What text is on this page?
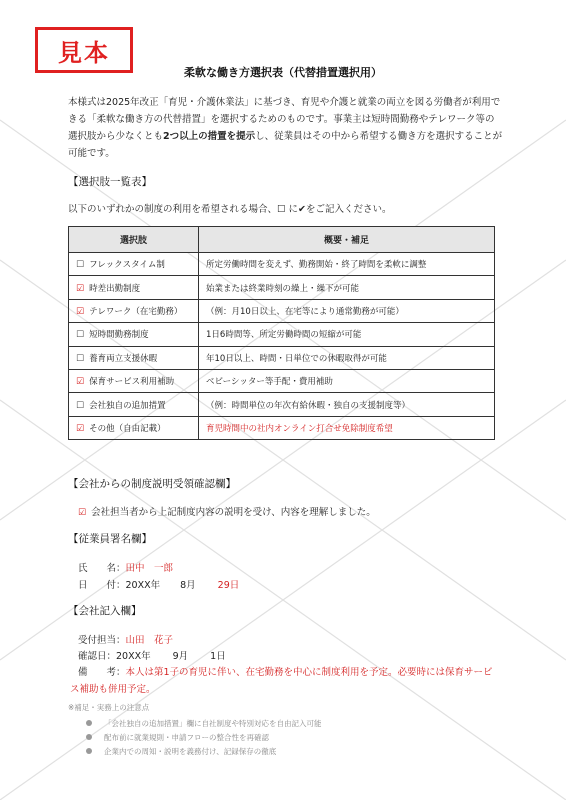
見本
柔軟な働き方選択表（代替措置選択用）
本様式は2025年改正「育児・介護休業法」に基づき、育児や介護と就業の両立を図る労働者が利用できる「柔軟な働き方の代替措置」を選択するためのものです。事業主は短時間勤務やテレワーク等の選択肢から少なくとも2つ以上の措置を提示し、従業員はその中から希望する働き方を選択することが可能です。
【選択肢一覧表】
以下のいずれかの制度の利用を希望される場合、☐ に✔をご記入ください。
選択肢	概要・補足
☐ フレックスタイム制	所定労働時間を変えず、勤務開始・終了時間を柔軟に調整
☑ 時差出勤制度	始業または終業時刻の繰上・繰下が可能
☑ テレワーク（在宅勤務）	（例：月10日以上、在宅等により通常勤務が可能）
☐ 短時間勤務制度	1日6時間等、所定労働時間の短縮が可能
☐ 養育両立支援休暇	年10日以上、時間・日単位での休暇取得が可能
☑ 保育サービス利用補助	ベビーシッター等手配・費用補助
☐ 会社独自の追加措置	（例：時間単位の年次有給休暇・独自の支援制度等）
☑ その他（自由記載）	育児時間中の社内オンライン打合せ免除制度希望
【会社からの制度説明受領確認欄】
☑ 会社担当者から上記制度内容の説明を受け、内容を理解しました。
【従業員署名欄】
氏　　名：田中　一郎
日　　付：20XX年 8月 29日
【会社記入欄】
受付担当：山田　花子
確認日：20XX年 9月 1日
備　　考：本人は第1子の育児に伴い、在宅勤務を中心に制度利用を予定。必要時には保育サービス補助も併用予定。
※補足・実務上の注意点
「会社独自の追加措置」欄に自社制度や特別対応を自由記入可能
配布前に就業規則・申請フローの整合性を再確認
企業内での周知・説明を義務付け、記録保存の徹底
